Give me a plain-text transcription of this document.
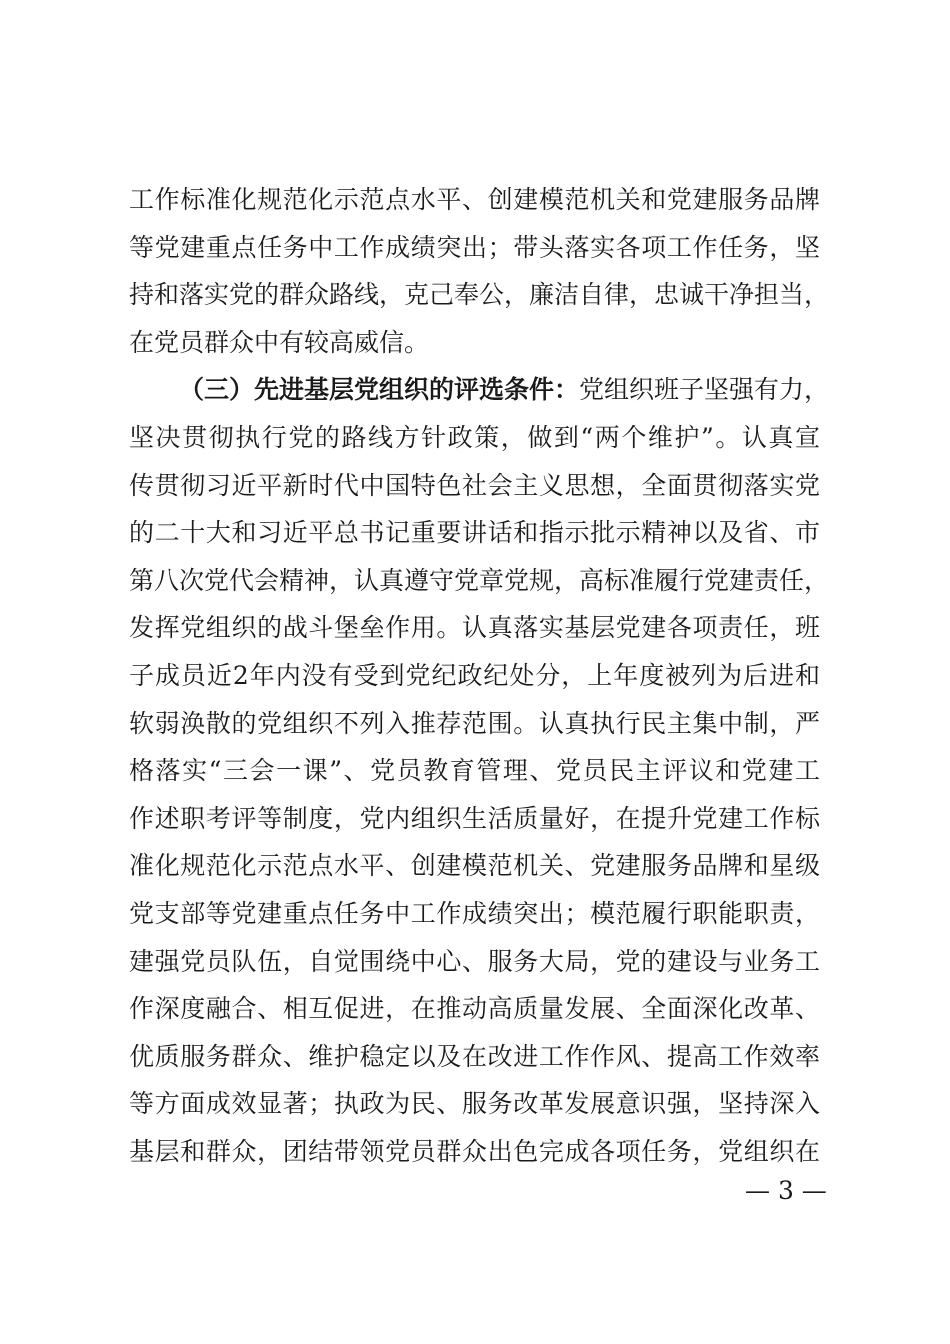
工作标准化规范化示范点水平、创建模范机关和党建服务品牌
等党建重点任务中工作成绩突出；带头落实各项工作任务，坚
持和落实党的群众路线，克己奉公，廉洁自律，忠诚干净担当，
在党员群众中有较高威信。
（三）先进基层党组织的评选条件：党组织班子坚强有力，
坚决贯彻执行党的路线方针政策，做到“两个维护”。认真宣
传贯彻习近平新时代中国特色社会主义思想，全面贯彻落实党
的二十大和习近平总书记重要讲话和指示批示精神以及省、市
第八次党代会精神，认真遵守党章党规，高标准履行党建责任，
发挥党组织的战斗堡垒作用。认真落实基层党建各项责任，班
子成员近2年内没有受到党纪政纪处分，上年度被列为后进和
软弱涣散的党组织不列入推荐范围。认真执行民主集中制，严
格落实“三会一课”、党员教育管理、党员民主评议和党建工
作述职考评等制度，党内组织生活质量好，在提升党建工作标
准化规范化示范点水平、创建模范机关、党建服务品牌和星级
党支部等党建重点任务中工作成绩突出；模范履行职能职责，
建强党员队伍，自觉围绕中心、服务大局，党的建设与业务工
作深度融合、相互促进，在推动高质量发展、全面深化改革、
优质服务群众、维护稳定以及在改进工作作风、提高工作效率
等方面成效显著；执政为民、服务改革发展意识强，坚持深入
基层和群众，团结带领党员群众出色完成各项任务，党组织在
— 3 —
